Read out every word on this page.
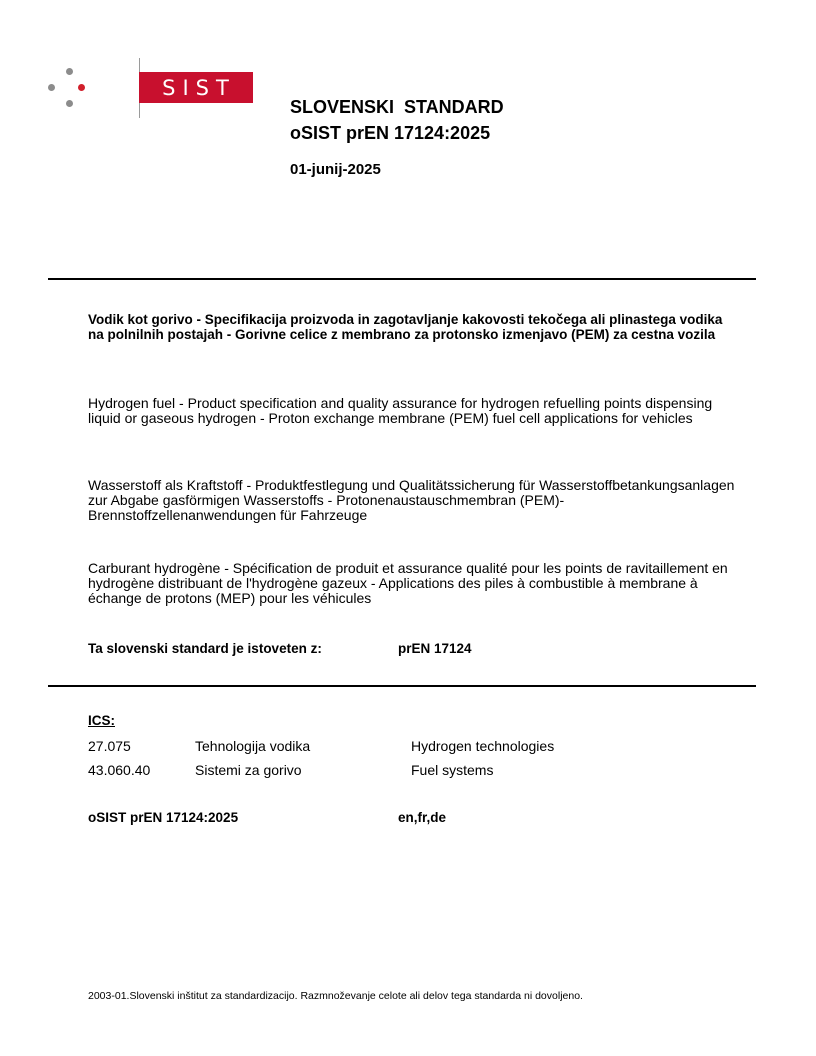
SIST
SLOVENSKI  STANDARD
oSIST prEN 17124:2025
01-junij-2025
Vodik kot gorivo - Specifikacija proizvoda in zagotavljanje kakovosti tekočega ali plinastega vodika na polnilnih postajah - Gorivne celice z membrano za protonsko izmenjavo (PEM) za cestna vozila
Hydrogen fuel - Product specification and quality assurance for hydrogen refuelling points dispensing liquid or gaseous hydrogen - Proton exchange membrane (PEM) fuel cell applications for vehicles
Wasserstoff als Kraftstoff - Produktfestlegung und Qualitätssicherung für Wasserstoffbetankungsanlagen zur Abgabe gasförmigen Wasserstoffs - Protonenaustauschmembran (PEM)-Brennstoffzellenanwendungen für Fahrzeuge
Carburant hydrogène - Spécification de produit et assurance qualité pour les points de ravitaillement en hydrogène distribuant de l'hydrogène gazeux - Applications des piles à combustible à membrane à échange de protons (MEP) pour les véhicules
Ta slovenski standard je istoveten z:	prEN 17124
ICS:
27.075	Tehnologija vodika	Hydrogen technologies
43.060.40	Sistemi za gorivo	Fuel systems
oSIST prEN 17124:2025	en,fr,de
2003-01.Slovenski inštitut za standardizacijo. Razmnoževanje celote ali delov tega standarda ni dovoljeno.
